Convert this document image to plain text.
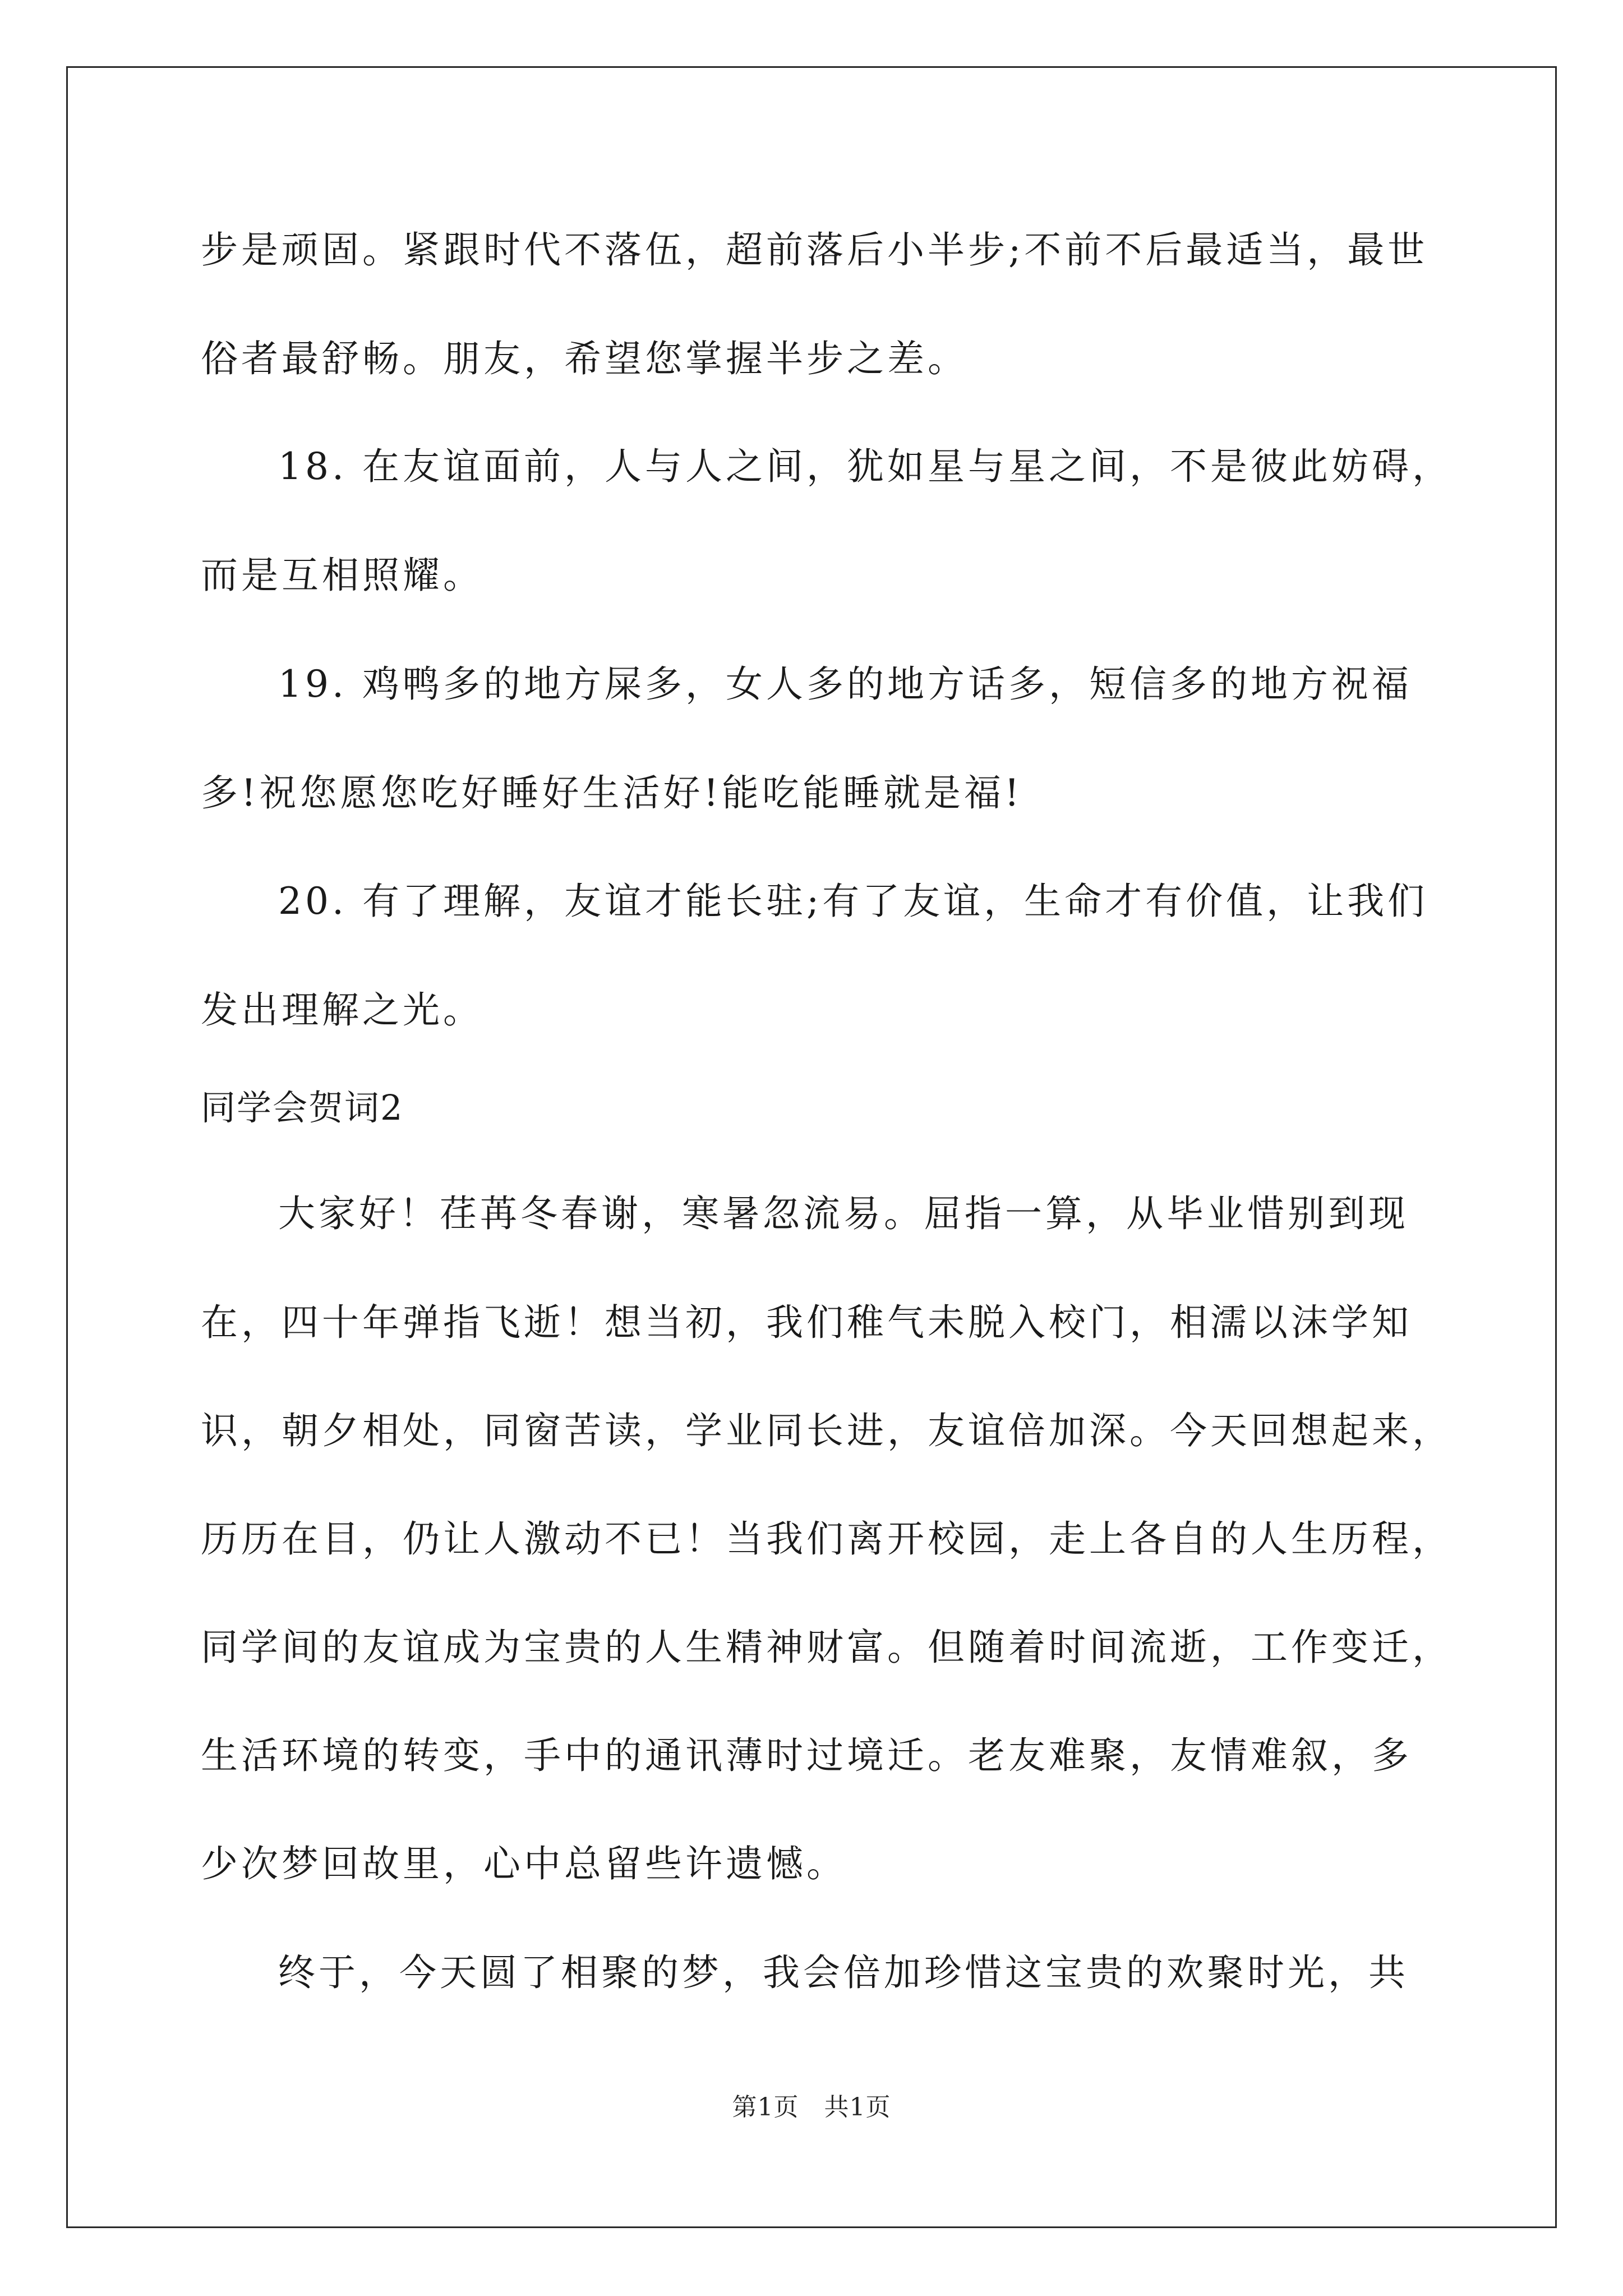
步是顽固。紧跟时代不落伍，超前落后小半步;不前不后最适当，最世
俗者最舒畅。朋友，希望您掌握半步之差。
18. 在友谊面前，人与人之间，犹如星与星之间，不是彼此妨碍，
而是互相照耀。
19. 鸡鸭多的地方屎多，女人多的地方话多，短信多的地方祝福
多!祝您愿您吃好睡好生活好!能吃能睡就是福!
20. 有了理解，友谊才能长驻;有了友谊，生命才有价值，让我们
发出理解之光。
同学会贺词2
大家好！荏苒冬春谢，寒暑忽流易。屈指一算，从毕业惜别到现
在，四十年弹指飞逝！想当初，我们稚气未脱入校门，相濡以沫学知
识，朝夕相处，同窗苦读，学业同长进，友谊倍加深。今天回想起来，
历历在目，仍让人激动不已！当我们离开校园，走上各自的人生历程，
同学间的友谊成为宝贵的人生精神财富。但随着时间流逝，工作变迁，
生活环境的转变，手中的通讯薄时过境迁。老友难聚，友情难叙，多
少次梦回故里，心中总留些许遗憾。
终于，今天圆了相聚的梦，我会倍加珍惜这宝贵的欢聚时光，共
第1页　共1页
